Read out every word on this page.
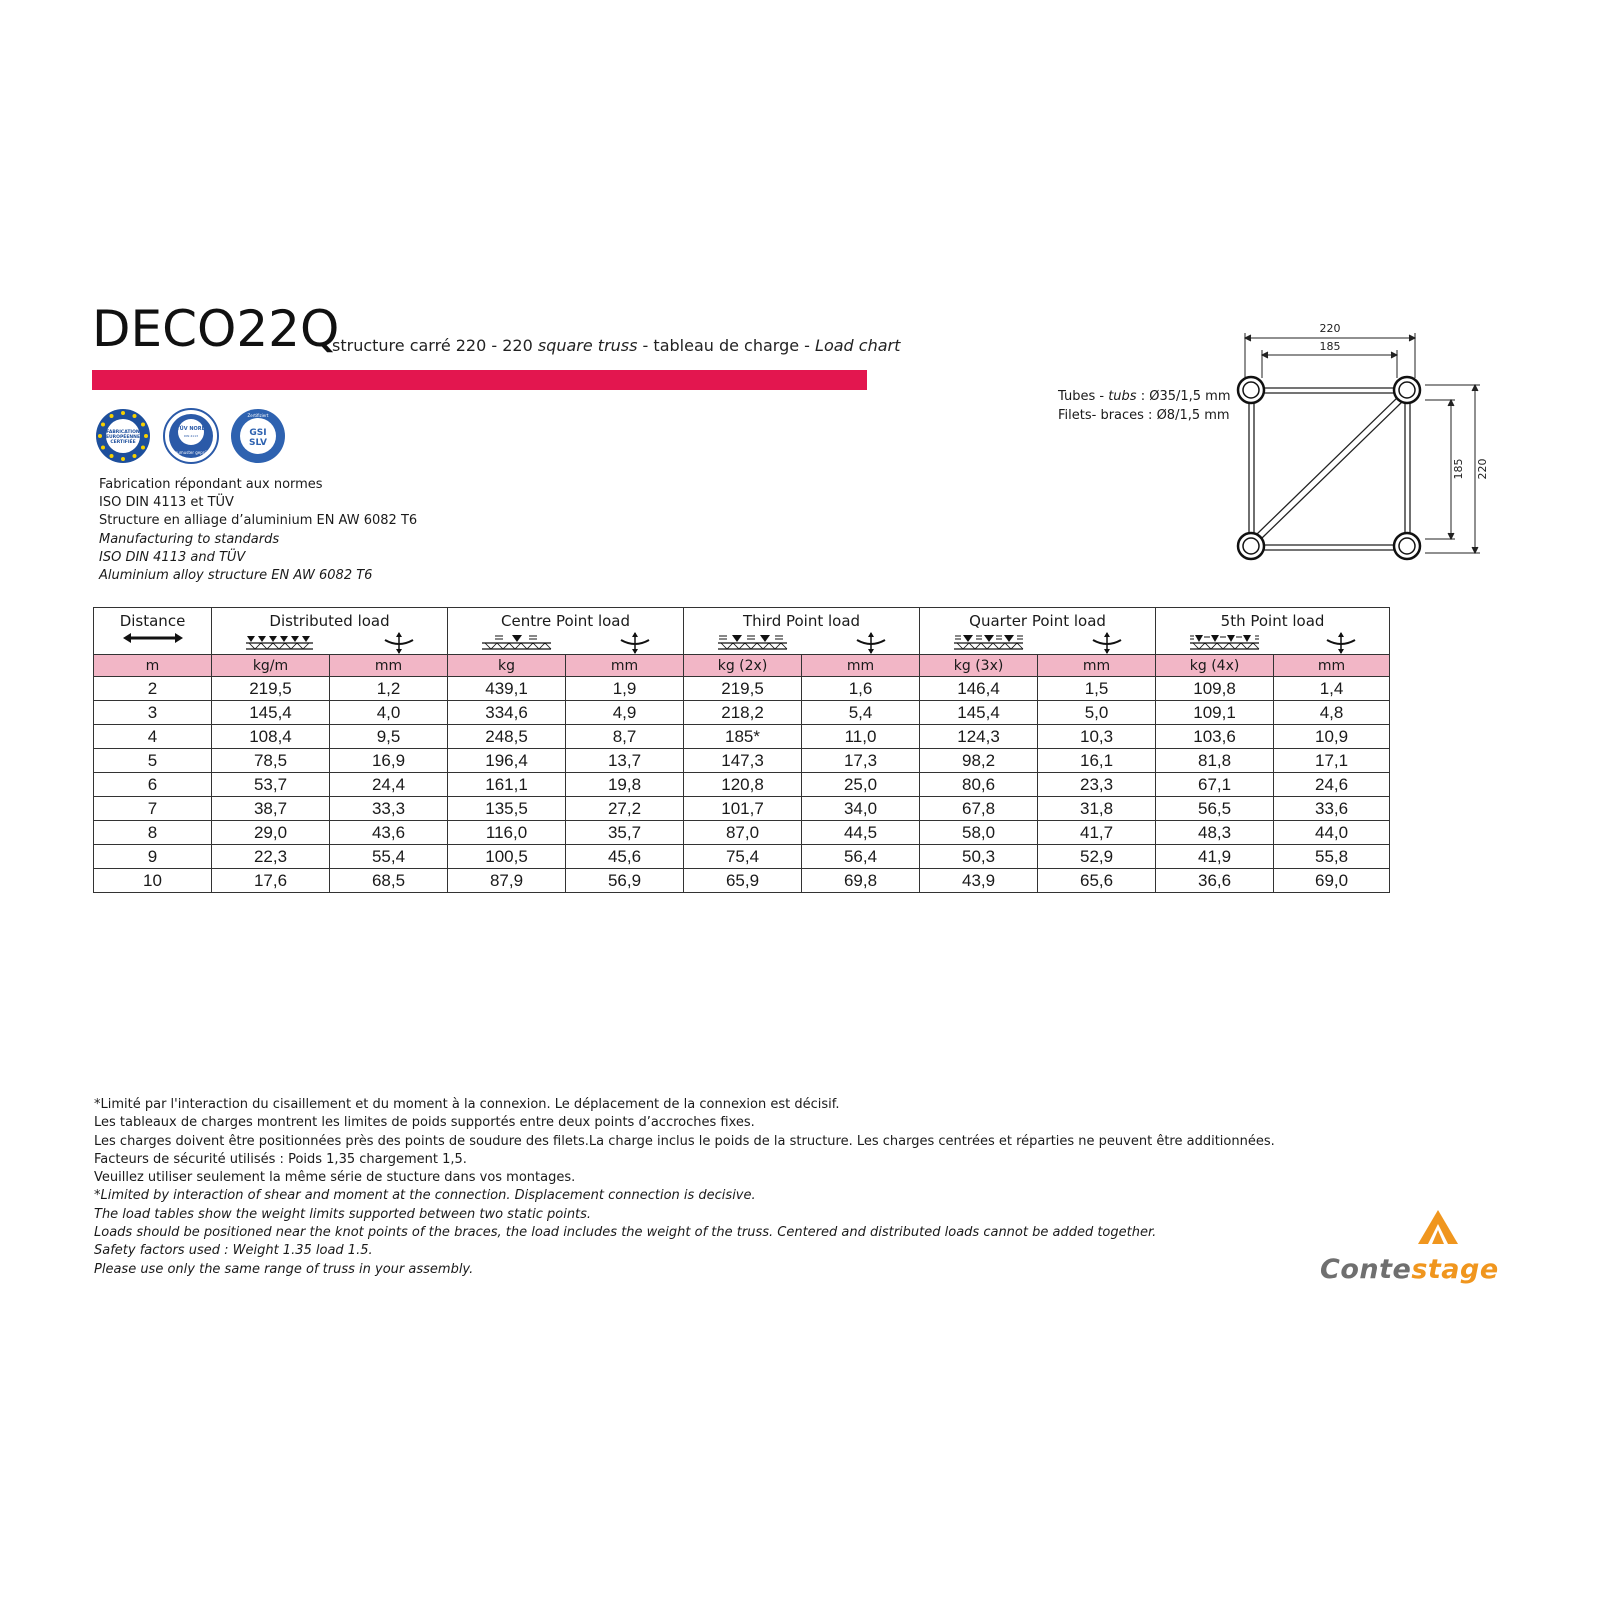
DECO22Q
structure carré 220 - 220 square truss - tableau de charge - Load chart
FABRICATION
EUROPÉENNE
CERTIFIÉE
TÜV NORD
DIN 4113
Baumuster geprüft
GSI
SLV
Zertifiziert
Fabrication répondant aux normes
ISO DIN 4113 et TÜV
Structure en alliage d’aluminium EN AW 6082 T6
Manufacturing to standards
ISO DIN 4113 and TÜV
Aluminium alloy structure EN AW 6082 T6
Tubes - tubs : Ø35/1,5 mm
Filets- braces : Ø8/1,5 mm
220
185
220
185
Distance	Distributed load		Centre Point load		Third Point load		Quarter Point load		5th Point load	

m	kg/m	mm	kg	mm	kg (2x)	mm	kg (3x)	mm	kg (4x)	mm
2	219,5	1,2	439,1	1,9	219,5	1,6	146,4	1,5	109,8	1,4
3	145,4	4,0	334,6	4,9	218,2	5,4	145,4	5,0	109,1	4,8
4	108,4	9,5	248,5	8,7	185*	11,0	124,3	10,3	103,6	10,9
5	78,5	16,9	196,4	13,7	147,3	17,3	98,2	16,1	81,8	17,1
6	53,7	24,4	161,1	19,8	120,8	25,0	80,6	23,3	67,1	24,6
7	38,7	33,3	135,5	27,2	101,7	34,0	67,8	31,8	56,5	33,6
8	29,0	43,6	116,0	35,7	87,0	44,5	58,0	41,7	48,3	44,0
9	22,3	55,4	100,5	45,6	75,4	56,4	50,3	52,9	41,9	55,8
10	17,6	68,5	87,9	56,9	65,9	69,8	43,9	65,6	36,6	69,0
*Limité par l'interaction du cisaillement et du moment à la connexion. Le déplacement de la connexion est décisif.
Les tableaux de charges montrent les limites de poids supportés entre deux points d’accroches fixes.
Les charges doivent être positionnées près des points de soudure des filets.La charge inclus le poids de la structure. Les charges centrées et réparties ne peuvent être additionnées.
Facteurs de sécurité utilisés : Poids 1,35 chargement 1,5.
Veuillez utiliser seulement la même série de stucture dans vos montages.
*Limited by interaction of shear and moment at the connection. Displacement connection is decisive.
The load tables show the weight limits supported between two static points.
Loads should be positioned near the knot points of the braces, the load includes the weight of the truss. Centered and distributed loads cannot be added together.
Safety factors used : Weight 1.35 load 1.5.
Please use only the same range of truss in your assembly.	Contestage
